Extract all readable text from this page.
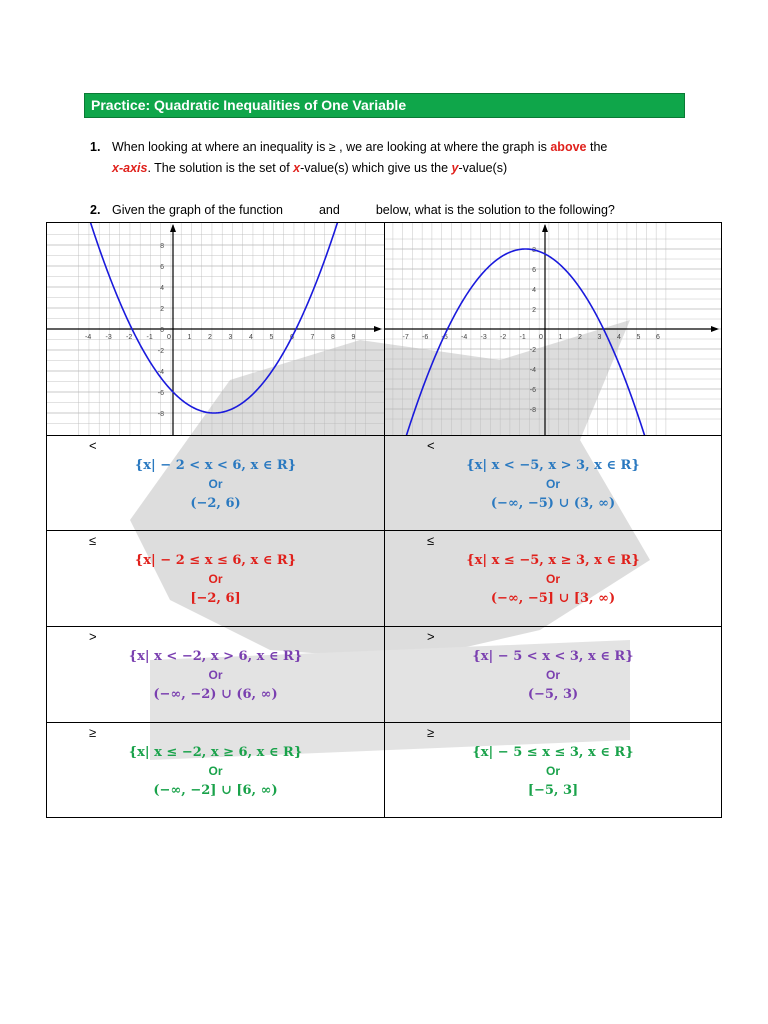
Practice: Quadratic Inequalities of One Variable
1. When looking at where an inequality is ≥ , we are looking at where the graph is above the
x-axis. The solution is the set of x-value(s) which give us the y-value(s)
2. Given the graph of the function	and	below, what is the solution to the following?
-4 -3 -2 -1 0 1 2 3 4 5 6 7 8 9
8
6
4
2
0
-2
-4
-6
-8
-7 -6 -5 -4 -3 -2 -1 0 1 2 3 4 5 6
8
6
4
2
-2
-4
-6
-8
<
{x| − 2 < x < 6, x ∈ R}
Or
(−2, 6)
<
{x| x < −5, x > 3, x ∈ R}
Or
(−∞, −5) ∪ (3, ∞)
≤
{x| − 2 ≤ x ≤ 6, x ∈ R}
Or
[−2, 6]
≤
{x| x ≤ −5, x ≥ 3, x ∈ R}
Or
(−∞, −5] ∪ [3, ∞)
>
{x| x < −2, x > 6, x ∈ R}
Or
(−∞, −2) ∪ (6, ∞)
>
{x| − 5 < x < 3, x ∈ R}
Or
(−5, 3)
≥
{x| x ≤ −2, x ≥ 6, x ∈ R}
Or
(−∞, −2] ∪ [6, ∞)
≥
{x| − 5 ≤ x ≤ 3, x ∈ R}
Or
[−5, 3]
